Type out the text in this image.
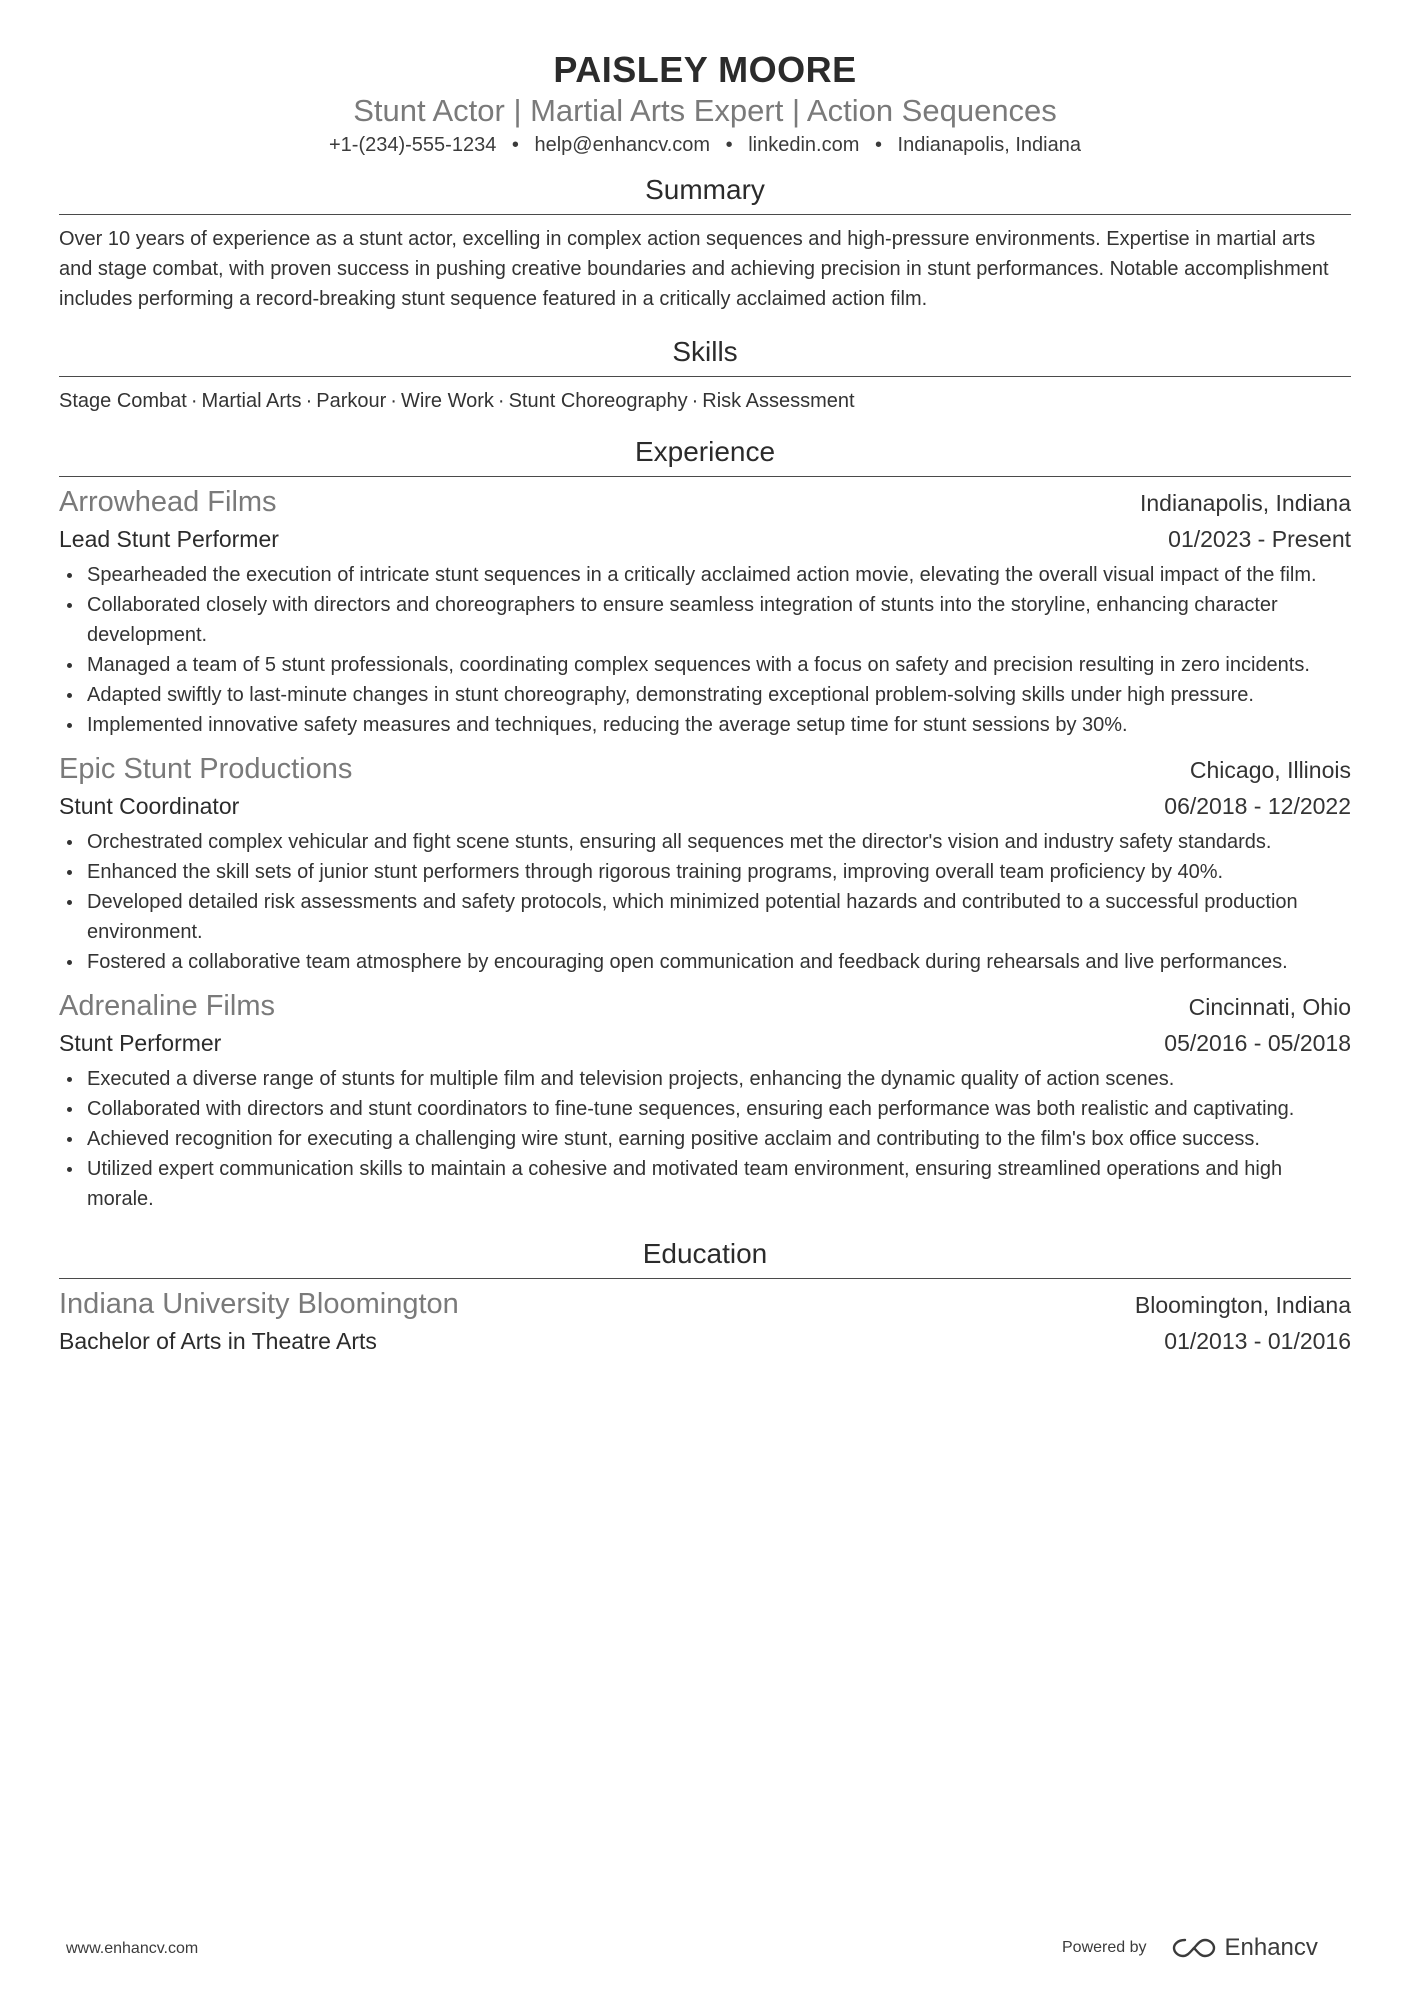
PAISLEY MOORE
Stunt Actor | Martial Arts Expert | Action Sequences
+1-(234)-555-1234 • help@enhancv.com • linkedin.com • Indianapolis, Indiana
Summary
Over 10 years of experience as a stunt actor, excelling in complex action sequences and high-pressure environments. Expertise in martial arts and stage combat, with proven success in pushing creative boundaries and achieving precision in stunt performances. Notable accomplishment includes performing a record-breaking stunt sequence featured in a critically acclaimed action film.
Skills
Stage Combat · Martial Arts · Parkour · Wire Work · Stunt Choreography · Risk Assessment
Experience
Arrowhead Films	Indianapolis, Indiana
Lead Stunt Performer	01/2023 - Present
Spearheaded the execution of intricate stunt sequences in a critically acclaimed action movie, elevating the overall visual impact of the film.
Collaborated closely with directors and choreographers to ensure seamless integration of stunts into the storyline, enhancing character development.
Managed a team of 5 stunt professionals, coordinating complex sequences with a focus on safety and precision resulting in zero incidents.
Adapted swiftly to last-minute changes in stunt choreography, demonstrating exceptional problem-solving skills under high pressure.
Implemented innovative safety measures and techniques, reducing the average setup time for stunt sessions by 30%.
Epic Stunt Productions	Chicago, Illinois
Stunt Coordinator	06/2018 - 12/2022
Orchestrated complex vehicular and fight scene stunts, ensuring all sequences met the director's vision and industry safety standards.
Enhanced the skill sets of junior stunt performers through rigorous training programs, improving overall team proficiency by 40%.
Developed detailed risk assessments and safety protocols, which minimized potential hazards and contributed to a successful production environment.
Fostered a collaborative team atmosphere by encouraging open communication and feedback during rehearsals and live performances.
Adrenaline Films	Cincinnati, Ohio
Stunt Performer	05/2016 - 05/2018
Executed a diverse range of stunts for multiple film and television projects, enhancing the dynamic quality of action scenes.
Collaborated with directors and stunt coordinators to fine-tune sequences, ensuring each performance was both realistic and captivating.
Achieved recognition for executing a challenging wire stunt, earning positive acclaim and contributing to the film's box office success.
Utilized expert communication skills to maintain a cohesive and motivated team environment, ensuring streamlined operations and high morale.
Education
Indiana University Bloomington	Bloomington, Indiana
Bachelor of Arts in Theatre Arts	01/2013 - 01/2016
www.enhancv.com	Powered by	Enhancv
